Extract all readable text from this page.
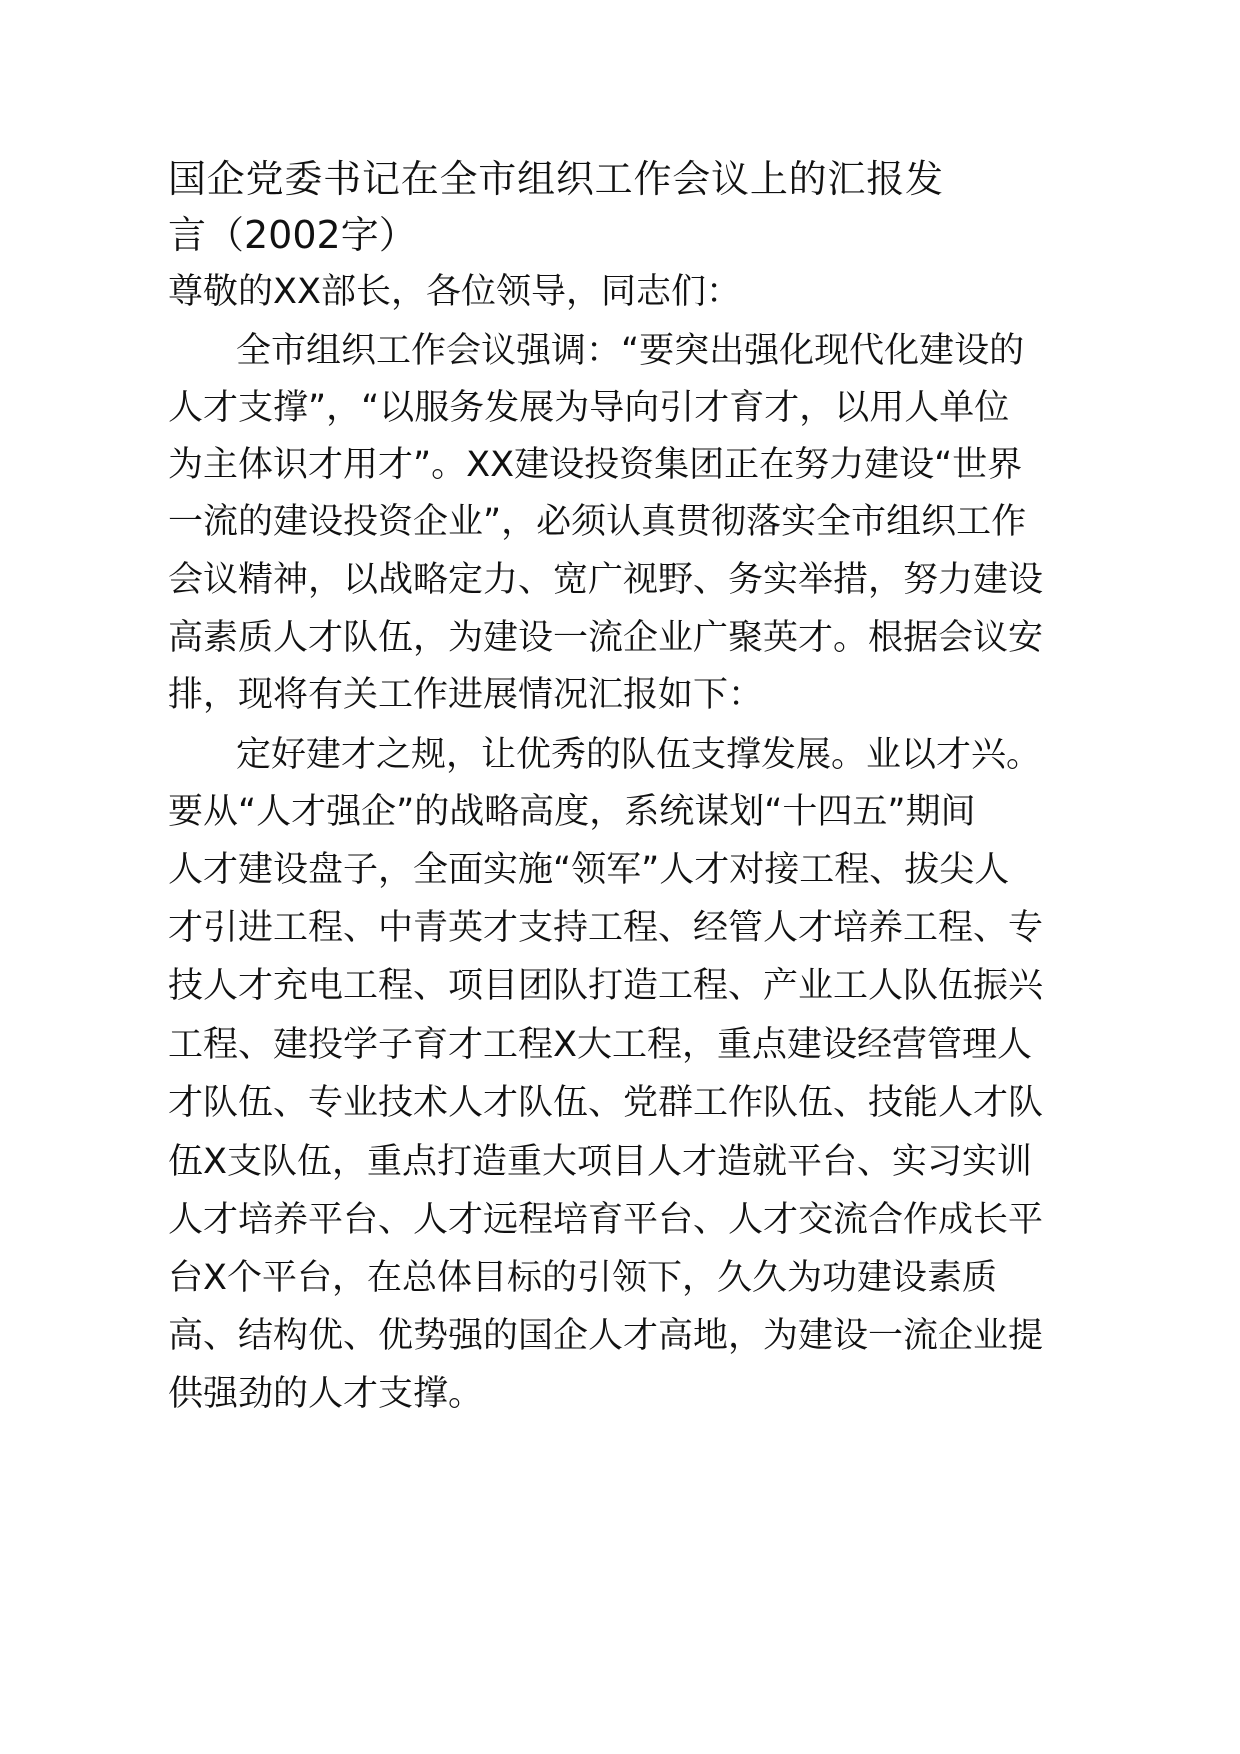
国企党委书记在全市组织工作会议上的汇报发
言（2002字）
尊敬的XX部长，各位领导，同志们：
全市组织工作会议强调：“要突出强化现代化建设的
人才支撑”，“以服务发展为导向引才育才，以用人单位
为主体识才用才”。XX建设投资集团正在努力建设“世界
一流的建设投资企业”，必须认真贯彻落实全市组织工作
会议精神，以战略定力、宽广视野、务实举措，努力建设
高素质人才队伍，为建设一流企业广聚英才。根据会议安
排，现将有关工作进展情况汇报如下：
定好建才之规，让优秀的队伍支撑发展。业以才兴。
要从“人才强企”的战略高度，系统谋划“十四五”期间
人才建设盘子，全面实施“领军”人才对接工程、拔尖人
才引进工程、中青英才支持工程、经管人才培养工程、专
技人才充电工程、项目团队打造工程、产业工人队伍振兴
工程、建投学子育才工程X大工程，重点建设经营管理人
才队伍、专业技术人才队伍、党群工作队伍、技能人才队
伍X支队伍，重点打造重大项目人才造就平台、实习实训
人才培养平台、人才远程培育平台、人才交流合作成长平
台X个平台，在总体目标的引领下，久久为功建设素质
高、结构优、优势强的国企人才高地，为建设一流企业提
供强劲的人才支撑。
